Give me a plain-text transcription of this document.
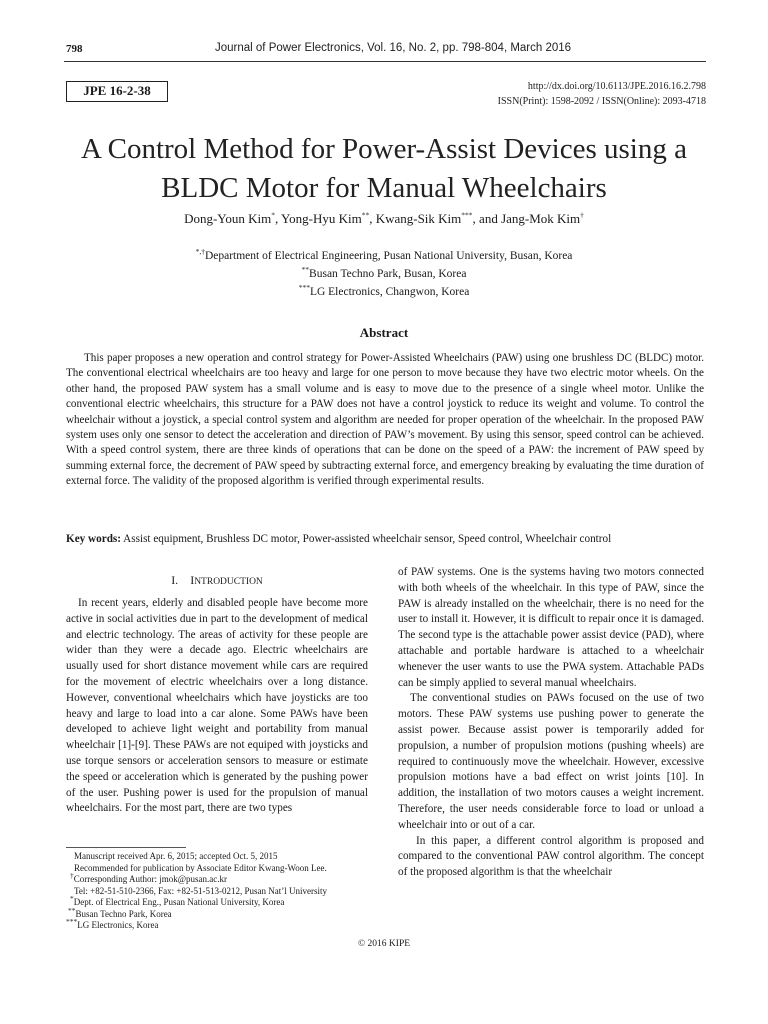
798	Journal of Power Electronics, Vol. 16, No. 2, pp. 798-804, March 2016
JPE 16-2-38	http://dx.doi.org/10.6113/JPE.2016.16.2.798
ISSN(Print): 1598-2092 / ISSN(Online): 2093-4718
A Control Method for Power-Assist Devices using a BLDC Motor for Manual Wheelchairs
Dong-Youn Kim*, Yong-Hyu Kim**, Kwang-Sik Kim***, and Jang-Mok Kim†
*,†Department of Electrical Engineering, Pusan National University, Busan, Korea
**Busan Techno Park, Busan, Korea
***LG Electronics, Changwon, Korea
Abstract
This paper proposes a new operation and control strategy for Power-Assisted Wheelchairs (PAW) using one brushless DC (BLDC) motor. The conventional electrical wheelchairs are too heavy and large for one person to move because they have two electric motor wheels. On the other hand, the proposed PAW system has a small volume and is easy to move due to the presence of a single wheel motor. Unlike the conventional electric wheelchairs, this structure for a PAW does not have a control joystick to reduce its weight and volume. To control the wheelchair without a joystick, a special control system and algorithm are needed for proper operation of the wheelchair. In the proposed PAW system uses only one sensor to detect the acceleration and direction of PAW’s movement. By using this sensor, speed control can be achieved. With a speed control system, there are three kinds of operations that can be done on the speed of a PAW: the increment of PAW speed by summing external force, the decrement of PAW speed by subtracting external force, and emergency breaking by evaluating the time duration of external force. The validity of the proposed algorithm is verified through experimental results.
Key words: Assist equipment, Brushless DC motor, Power-assisted wheelchair sensor, Speed control, Wheelchair control
I. INTRODUCTION

In recent years, elderly and disabled people have become more active in social activities due in part to the development of medical and electric technology. The areas of activity for these people are wider than they were a decade ago. Electric wheelchairs are usually used for short distance movement while cars are required for the movement of electric wheelchairs over a long distance. However, conventional wheelchairs which have joysticks are too heavy and large to load into a car alone. Some PAWs have been developed to achieve light weight and portability from manual wheelchair [1]-[9]. These PAWs are not equiped with joysticks and use torque sensors or acceleration sensors to measure or estimate the speed or acceleration which is generated by the pushing power of the user. Pushing power is used for the propulsion of manual wheelchairs. For the most part, there are two types

of PAW systems. One is the systems having two motors connected with both wheels of the wheelchair. In this type of PAW, since the PAW is already installed on the wheelchair, there is no need for the user to install it. However, it is difficult to repair once it is damaged. The second type is the attachable power assist device (PAD), where attachable and portable hardware is attached to a wheelchair whenever the user wants to use the PWA system. Attachable PADs can be simply applied to several manual wheelchairs.

The conventional studies on PAWs focused on the use of two motors. These PAW systems use pushing power to generate the assist power. Because assist power is temporarily added for propulsion, a number of propulsion motions (pushing wheels) are required to continuously move the wheelchair. However, excessive propulsion motions have a bad effect on wrist joints [10]. In addition, the installation of two motors causes a weight increment. Therefore, the user needs considerable force to load or unload a wheelchair into or out of a car.

In this paper, a different control algorithm is proposed and compared to the conventional PAW control algorithm. The concept of the proposed algorithm is that the wheelchair

Manuscript received Apr. 6, 2015; accepted Oct. 5, 2015
Recommended for publication by Associate Editor Kwang-Woon Lee.
†Corresponding Author: jmok@pusan.ac.kr
Tel: +82-51-510-2366, Fax: +82-51-513-0212, Pusan Nat’l University
*Dept. of Electrical Eng., Pusan National University, Korea
**Busan Techno Park, Korea
***LG Electronics, Korea
© 2016 KIPE
